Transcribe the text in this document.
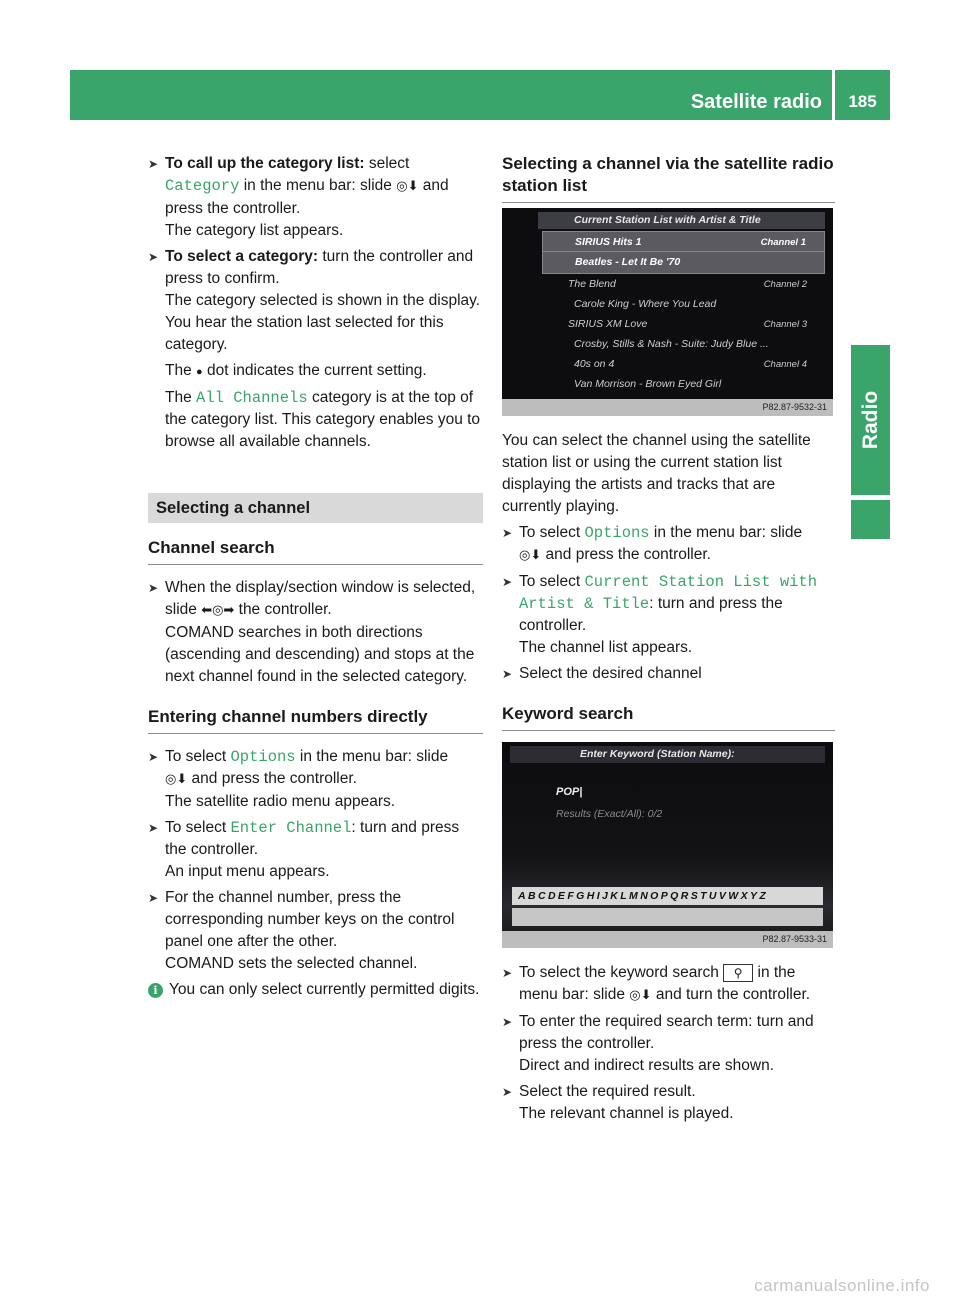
Satellite radio	185
Radio
➤ To call up the category list: select
Category in the menu bar: slide ◎⬇ and press the controller.
The category list appears.
➤ To select a category: turn the controller and press to confirm.
The category selected is shown in the display. You hear the station last selected for this category.
The ● dot indicates the current setting.
The All Channels category is at the top of the category list. This category enables you to browse all available channels.
Selecting a channel
Channel search
➤ When the display/section window is selected, slide ⬅◎➡ the controller.
COMAND searches in both directions (ascending and descending) and stops at the next channel found in the selected category.
Entering channel numbers directly
➤ To select Options in the menu bar: slide
◎⬇ and press the controller.
The satellite radio menu appears.
➤ To select Enter Channel: turn and press the controller.
An input menu appears.
➤ For the channel number, press the corresponding number keys on the control panel one after the other.
COMAND sets the selected channel.
i You can only select currently permitted digits.
Selecting a channel via the satellite radio station list
Current Station List with Artist & Title
SIRIUS Hits 1	Channel 1
Beatles - Let It Be '70
The Blend	Channel 2
Carole King - Where You Lead
SIRIUS XM Love	Channel 3
Crosby, Stills & Nash - Suite: Judy Blue ...
40s on 4	Channel 4
Van Morrison - Brown Eyed Girl
P82.87-9532-31
You can select the channel using the satellite station list or using the current station list displaying the artists and tracks that are currently playing.
➤ To select Options in the menu bar: slide
◎⬇ and press the controller.
➤ To select Current Station List with Artist & Title: turn and press the controller.
The channel list appears.
➤ Select the desired channel
Keyword search
Enter Keyword (Station Name):
POP|
Results (Exact/All): 0/2
ABCDEFGHIJKLMNOPQRSTUVWXYZ
P82.87-9533-31
➤ To select the keyword search ⚲ in the menu bar: slide ◎⬇ and turn the controller.
➤ To enter the required search term: turn and press the controller.
Direct and indirect results are shown.
➤ Select the required result.
The relevant channel is played.
carmanualsonline.info
